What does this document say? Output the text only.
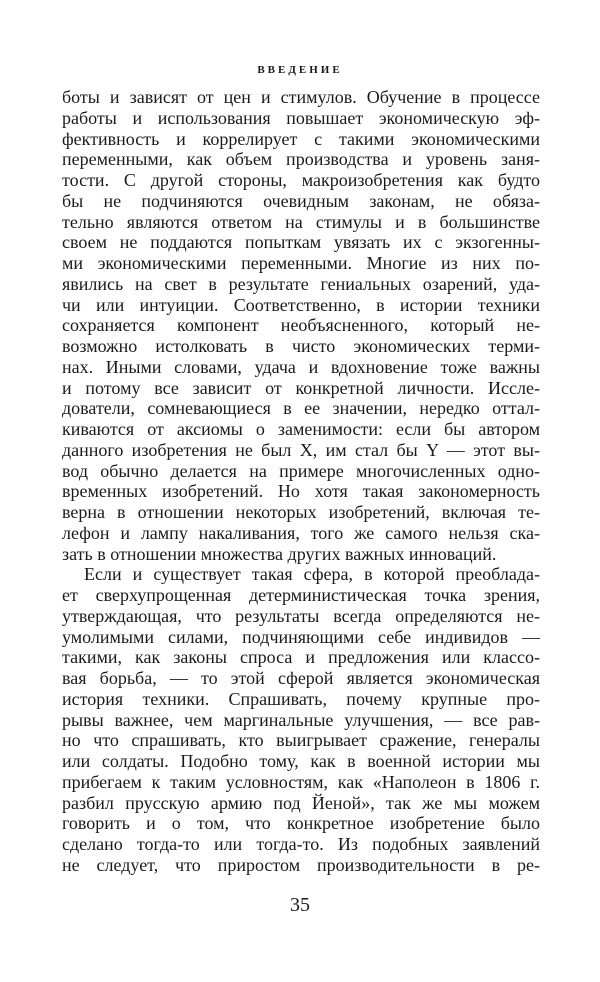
ВВЕДЕНИЕ
боты и зависят от цен и стимулов. Обучение в процессе
работы и использования повышает экономическую эф-
фективность и коррелирует с такими экономическими
переменными, как объем производства и уровень заня-
тости. С другой стороны, макроизобретения как будто
бы не подчиняются очевидным законам, не обяза-
тельно являются ответом на стимулы и в большинстве
своем не поддаются попыткам увязать их с экзогенны-
ми экономическими переменными. Многие из них по-
явились на свет в результате гениальных озарений, уда-
чи или интуиции. Соответственно, в истории техники
сохраняется компонент необъясненного, который не-
возможно истолковать в чисто экономических терми-
нах. Иными словами, удача и вдохновение тоже важны
и потому все зависит от конкретной личности. Иссле-
дователи, сомневающиеся в ее значении, нередко оттал-
киваются от аксиомы о заменимости: если бы автором
данного изобретения не был X, им стал бы Y — этот вы-
вод обычно делается на примере многочисленных одно-
временных изобретений. Но хотя такая закономерность
верна в отношении некоторых изобретений, включая те-
лефон и лампу накаливания, того же самого нельзя ска-
зать в отношении множества других важных инноваций.
Если и существует такая сфера, в которой преоблада-
ет сверхупрощенная детерминистическая точка зрения,
утверждающая, что результаты всегда определяются не-
умолимыми силами, подчиняющими себе индивидов —
такими, как законы спроса и предложения или классо-
вая борьба, — то этой сферой является экономическая
история техники. Спрашивать, почему крупные про-
рывы важнее, чем маргинальные улучшения, — все рав-
но что спрашивать, кто выигрывает сражение, генералы
или солдаты. Подобно тому, как в военной истории мы
прибегаем к таким условностям, как «Наполеон в 1806 г.
разбил прусскую армию под Йеной», так же мы можем
говорить и о том, что конкретное изобретение было
сделано тогда-то или тогда-то. Из подобных заявлений
не следует, что приростом производительности в ре-
35
